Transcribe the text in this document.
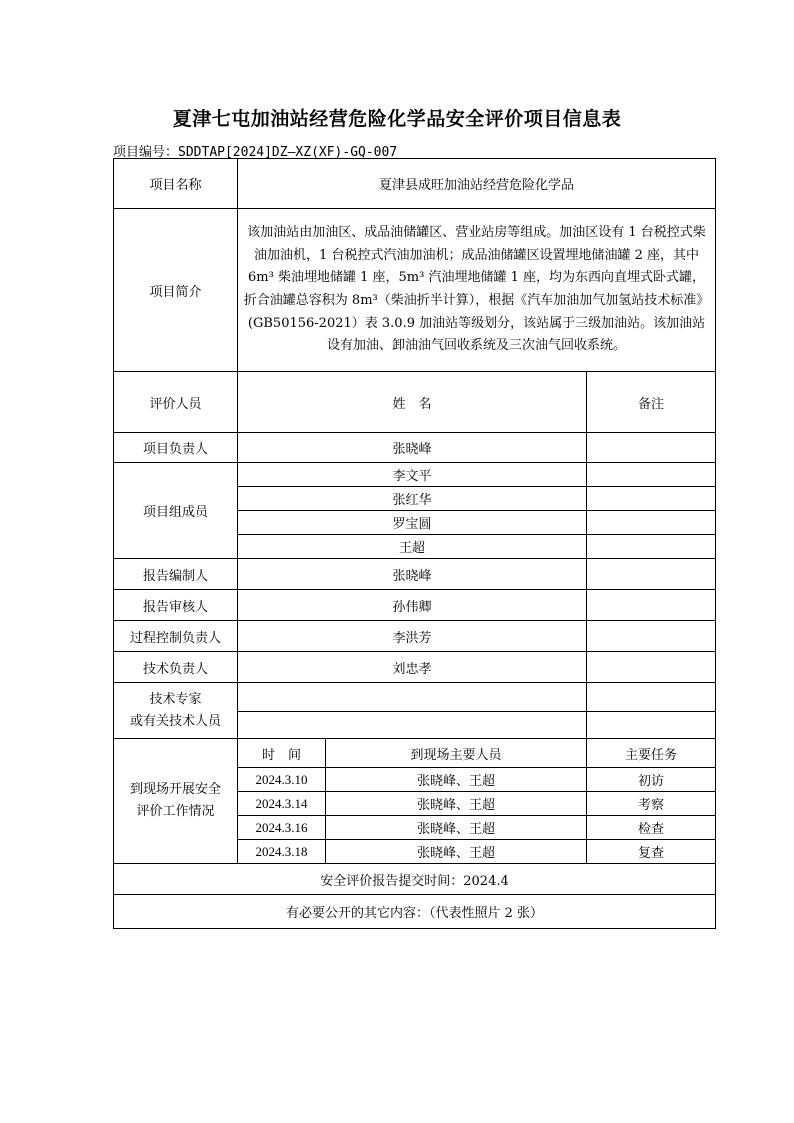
夏津七屯加油站经营危险化学品安全评价项目信息表
项目编号：SDDTAP[2024]DZ—XZ(XF)-GQ-007
项目名称	夏津县成旺加油站经营危险化学品		
项目简介	该加油站由加油区、成品油储罐区、营业站房等组成。加油区设有 1 台税控式柴油加油机，1 台税控式汽油加油机；成品油储罐区设置埋地储油罐 2 座，其中 6m³ 柴油埋地储罐 1 座，5m³ 汽油埋地储罐 1 座，均为东西向直埋式卧式罐，折合油罐总容积为 8m³（柴油折半计算），根据《汽车加油加气加氢站技术标准》(GB50156-2021）表 3.0.9 加油站等级划分，该站属于三级加油站。该加油站设有加油、卸油油气回收系统及三次油气回收系统。		
评价人员	姓　名		备注
项目负责人	张晓峰		
项目组成员	李文平		
	张红华		
	罗宝圆		
	王超		
报告编制人	张晓峰		
报告审核人	孙伟卿		
过程控制负责人	李洪芳		
技术负责人	刘忠孝		
技术专家
或有关技术人员			

到现场开展安全
评价工作情况	时　间	到现场主要人员	主要任务
	2024.3.10	张晓峰、王超	初访
	2024.3.14	张晓峰、王超	考察
	2024.3.16	张晓峰、王超	检查
	2024.3.18	张晓峰、王超	复查
安全评价报告提交时间：2024.4			
有必要公开的其它内容：（代表性照片 2 张）			
